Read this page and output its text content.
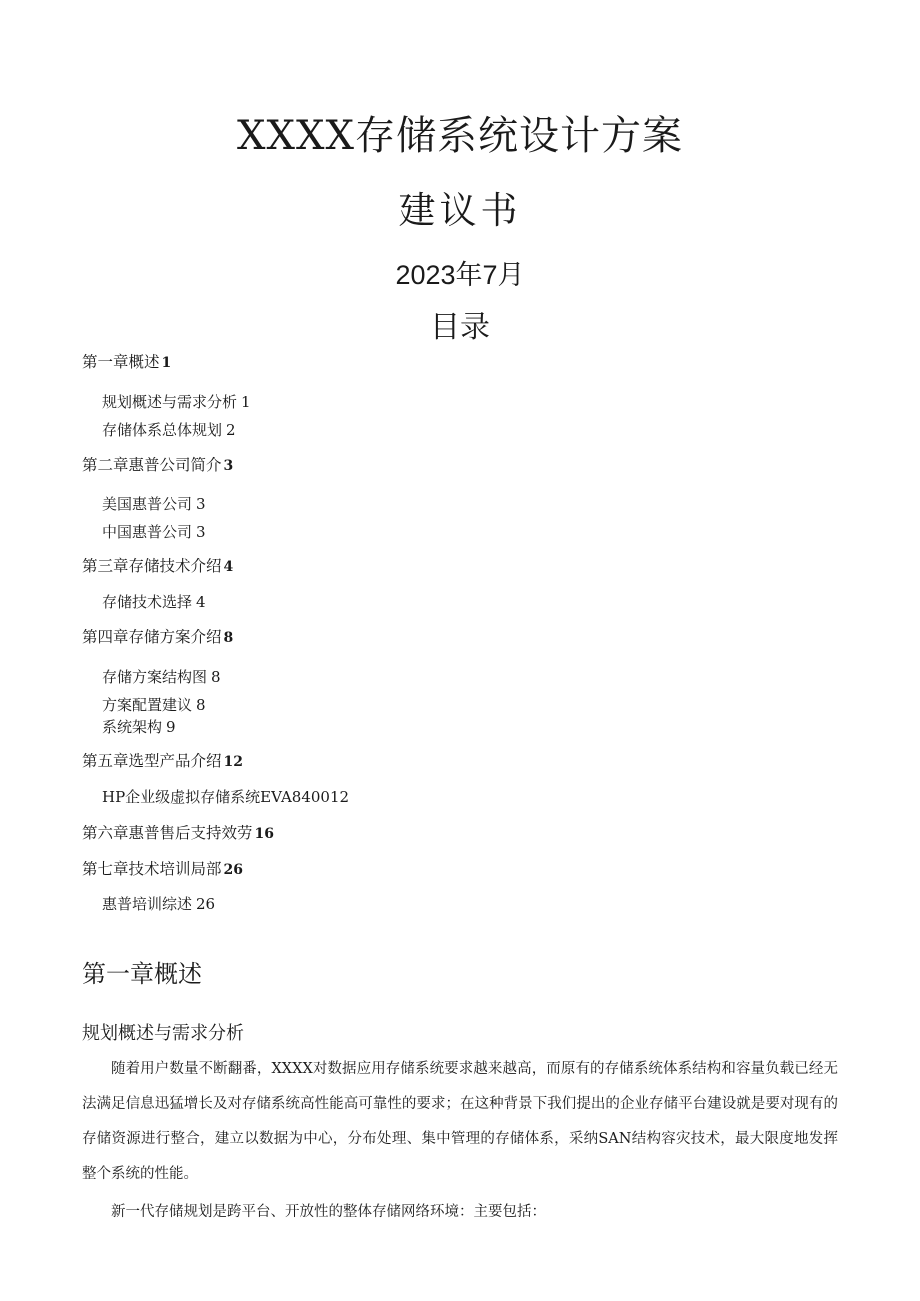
XXXX存储系统设计方案
建议书
2023年7月
目录
第一章概述 1
规划概述与需求分析 1
存储体系总体规划 2
第二章惠普公司简介 3
美国惠普公司 3
中国惠普公司 3
第三章存储技术介绍 4
存储技术选择 4
第四章存储方案介绍 8
存储方案结构图 8
方案配置建议 8
系统架构 9
第五章选型产品介绍 12
HP企业级虚拟存储系统EVA840012
第六章惠普售后支持效劳 16
第七章技术培训局部 26
惠普培训综述 26
第一章概述
规划概述与需求分析

随着用户数量不断翻番，XXXX对数据应用存储系统要求越来越高，而原有的存储系统体系结构和容量负载已经无法满足信息迅猛增长及对存储系统高性能高可靠性的要求；在这种背景下我们提出的企业存储平台建设就是要对现有的存储资源进行整合，建立以数据为中心，分布处理、集中管理的存储体系，采纳SAN结构容灾技术，最大限度地发挥整个系统的性能。

新一代存储规划是跨平台、开放性的整体存储网络环境：主要包括：
